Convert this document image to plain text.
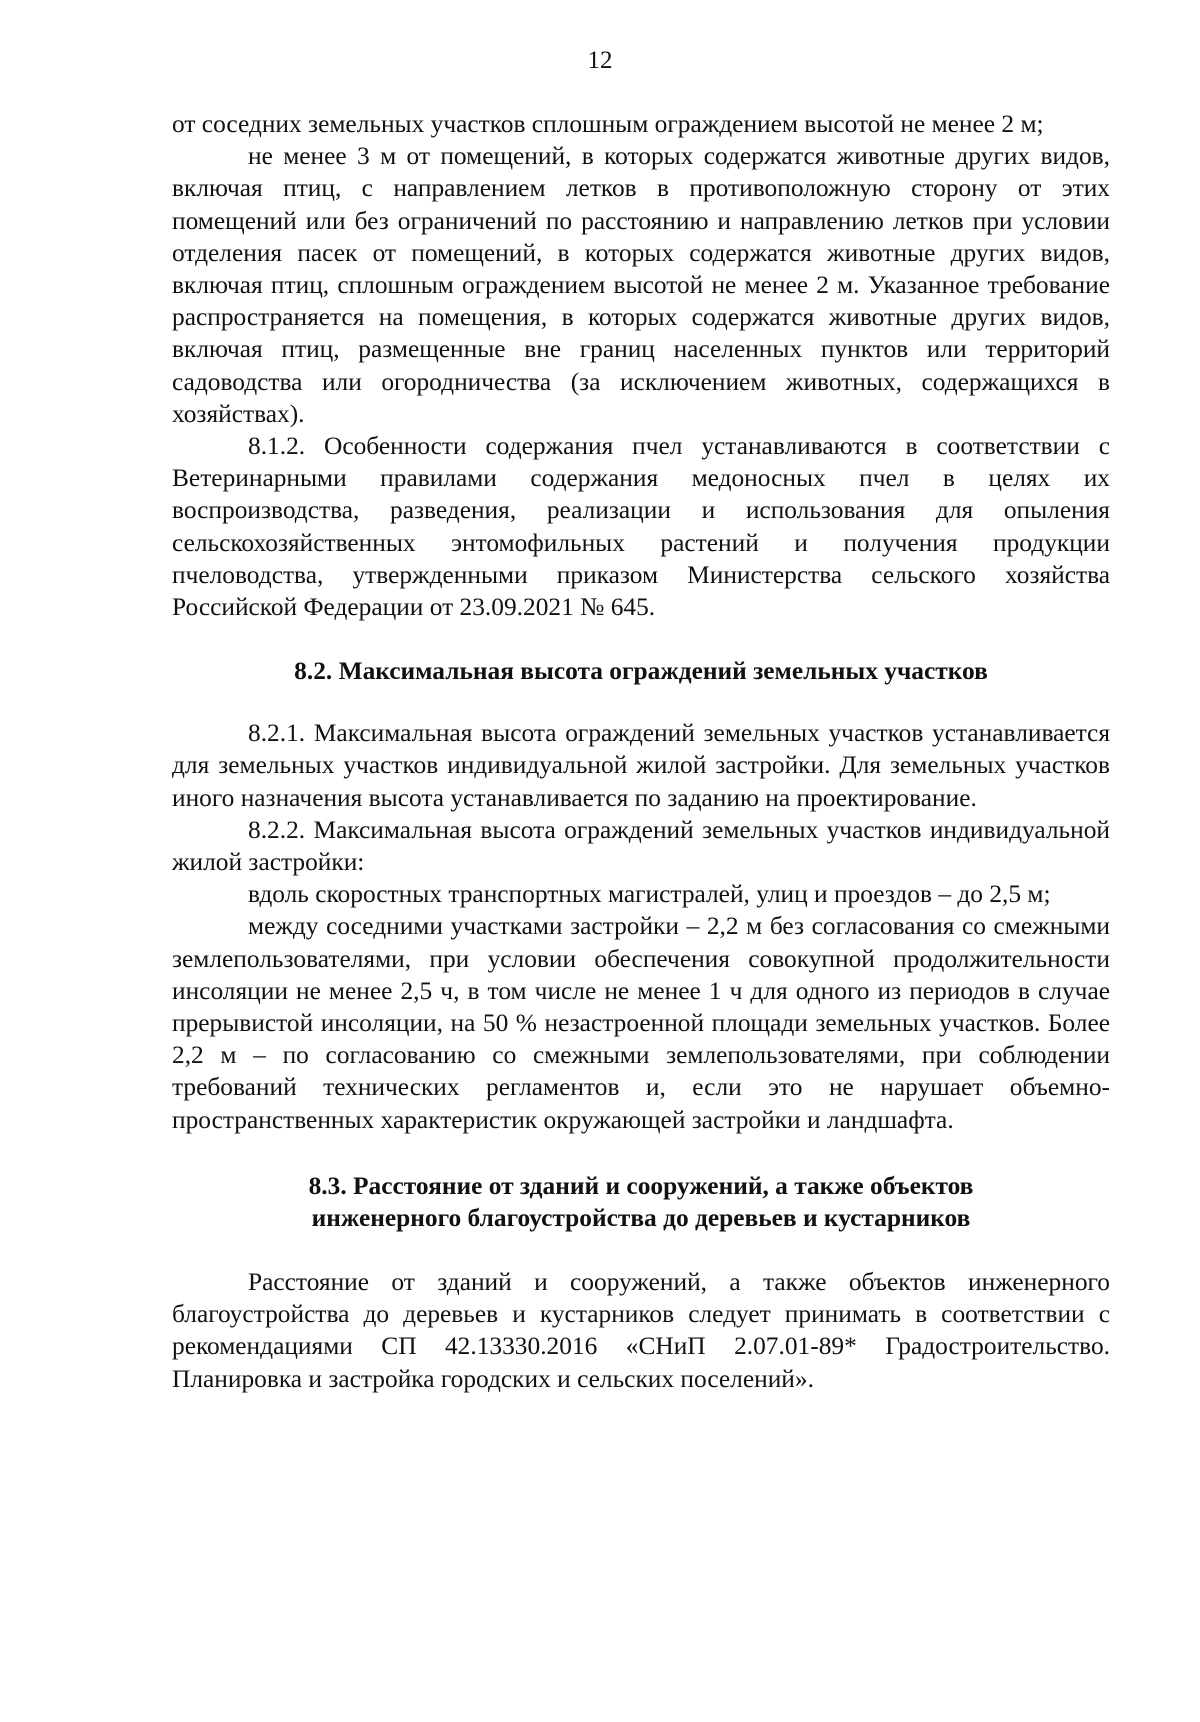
12

от соседних земельных участков сплошным ограждением высотой не менее 2 м;

не менее 3 м от помещений, в которых содержатся животные других видов, включая птиц, с направлением летков в противоположную сторону от этих помещений или без ограничений по расстоянию и направлению летков при условии отделения пасек от помещений, в которых содержатся животные других видов, включая птиц, сплошным ограждением высотой не менее 2 м. Указанное требование распространяется на помещения, в которых содержатся животные других видов, включая птиц, размещенные вне границ населенных пунктов или территорий садоводства или огородничества (за исключением животных, содержащихся в хозяйствах).

8.1.2. Особенности содержания пчел устанавливаются в соответствии с Ветеринарными правилами содержания медоносных пчел в целях их воспроизводства, разведения, реализации и использования для опыления сельскохозяйственных энтомофильных растений и получения продукции пчеловодства, утвержденными приказом Министерства сельского хозяйства Российской Федерации от 23.09.2021 № 645.

8.2. Максимальная высота ограждений земельных участков

8.2.1. Максимальная высота ограждений земельных участков устанавливается для земельных участков индивидуальной жилой застройки. Для земельных участков иного назначения высота устанавливается по заданию на проектирование.

8.2.2. Максимальная высота ограждений земельных участков индивидуальной жилой застройки:

вдоль скоростных транспортных магистралей, улиц и проездов – до 2,5 м;

между соседними участками застройки – 2,2 м без согласования со смежными землепользователями, при условии обеспечения совокупной продолжительности инсоляции не менее 2,5 ч, в том числе не менее 1 ч для одного из периодов в случае прерывистой инсоляции, на 50 % незастроенной площади земельных участков. Более 2,2 м – по согласованию со смежными землепользователями, при соблюдении требований технических регламентов и, если это не нарушает объемно-пространственных характеристик окружающей застройки и ландшафта.

8.3. Расстояние от зданий и сооружений, а также объектов
инженерного благоустройства до деревьев и кустарников

Расстояние от зданий и сооружений, а также объектов инженерного благоустройства до деревьев и кустарников следует принимать в соответствии с рекомендациями СП 42.13330.2016 «СНиП 2.07.01-89* Градостроительство. Планировка и застройка городских и сельских поселений».
